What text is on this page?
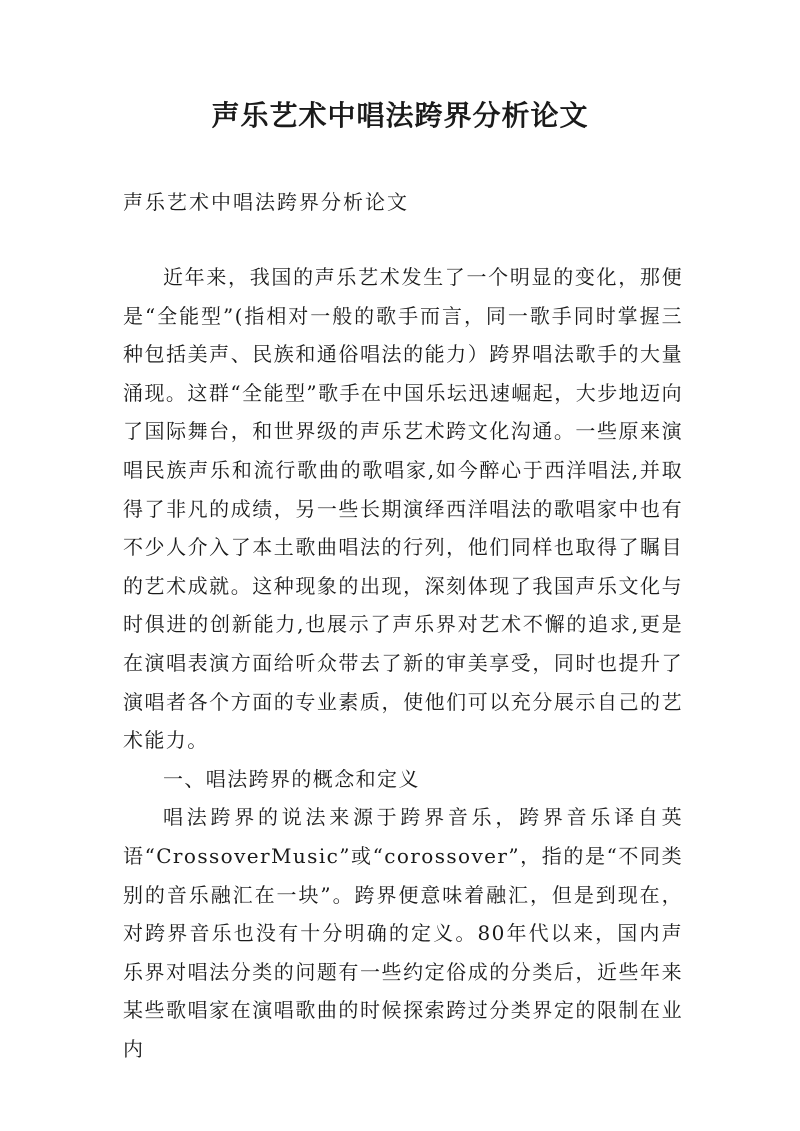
声乐艺术中唱法跨界分析论文

声乐艺术中唱法跨界分析论文

近年来，我国的声乐艺术发生了一个明显的变化，那便是“全能型”(指相对一般的歌手而言，同一歌手同时掌握三种包括美声、民族和通俗唱法的能力）跨界唱法歌手的大量涌现。这群“全能型”歌手在中国乐坛迅速崛起，大步地迈向了国际舞台，和世界级的声乐艺术跨文化沟通。一些原来演唱民族声乐和流行歌曲的歌唱家,如今醉心于西洋唱法,并取得了非凡的成绩，另一些长期演绎西洋唱法的歌唱家中也有不少人介入了本土歌曲唱法的行列，他们同样也取得了瞩目的艺术成就。这种现象的出现，深刻体现了我国声乐文化与时俱进的创新能力,也展示了声乐界对艺术不懈的追求,更是在演唱表演方面给听众带去了新的审美享受，同时也提升了演唱者各个方面的专业素质，使他们可以充分展示自己的艺术能力。

一、唱法跨界的概念和定义

唱法跨界的说法来源于跨界音乐，跨界音乐译自英语“CrossoverMusic”或“corossover”，指的是“不同类别的音乐融汇在一块”。跨界便意味着融汇，但是到现在，对跨界音乐也没有十分明确的定义。80年代以来，国内声乐界对唱法分类的问题有一些约定俗成的分类后，近些年来某些歌唱家在演唱歌曲的时候探索跨过分类界定的限制在业内
